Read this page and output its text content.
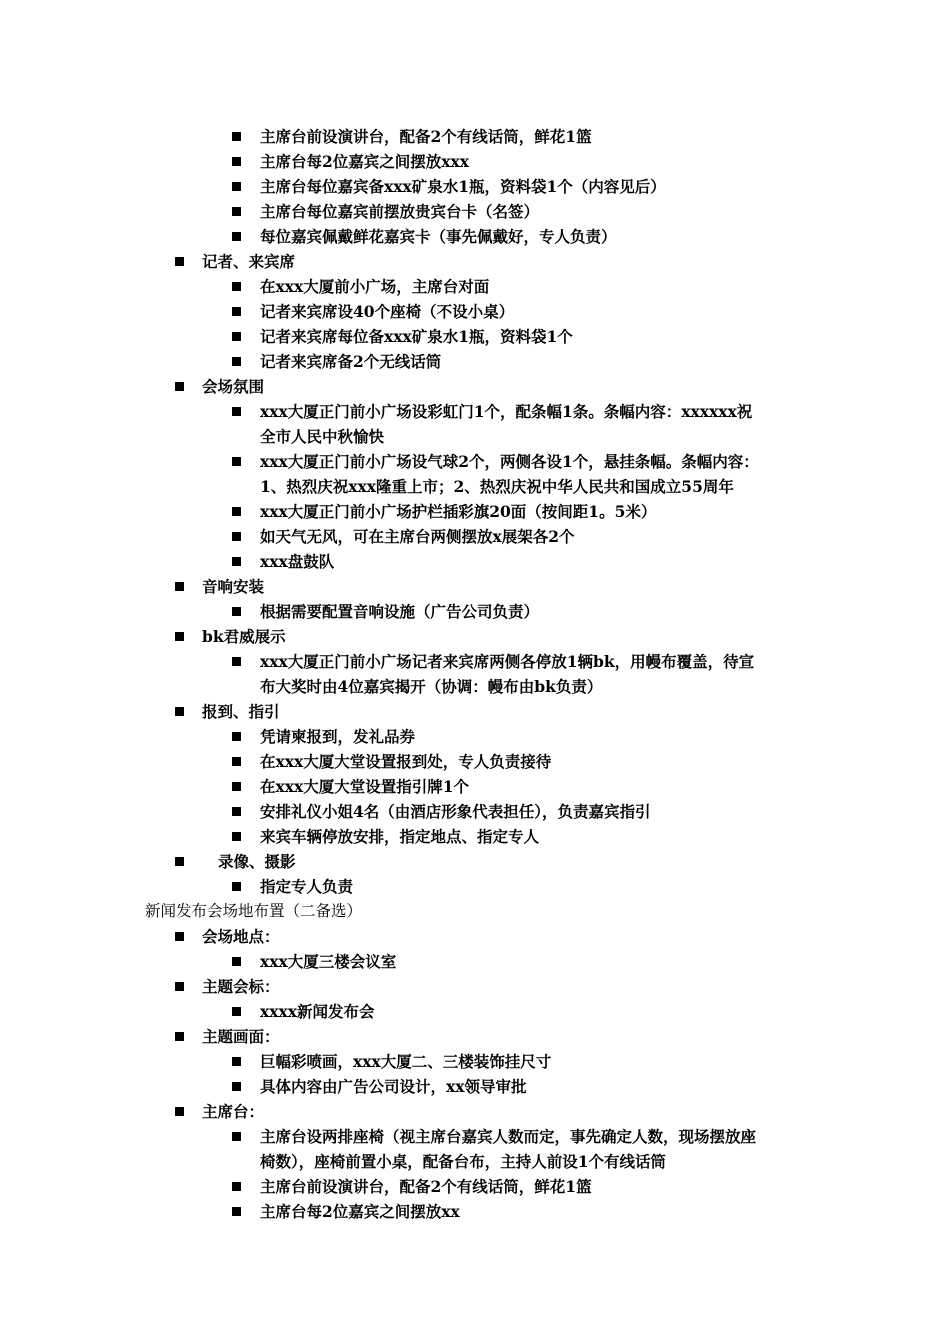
主席台前设演讲台，配备2个有线话筒，鲜花1篮
主席台每2位嘉宾之间摆放xxx
主席台每位嘉宾备xxx矿泉水1瓶，资料袋1个（内容见后）
主席台每位嘉宾前摆放贵宾台卡（名签）
每位嘉宾佩戴鲜花嘉宾卡（事先佩戴好，专人负责）
记者、来宾席
在xxx大厦前小广场，主席台对面
记者来宾席设40个座椅（不设小桌）
记者来宾席每位备xxx矿泉水1瓶，资料袋1个
记者来宾席备2个无线话筒
会场氛围
xxx大厦正门前小广场设彩虹门1个，配条幅1条。条幅内容：xxxxxx祝
全市人民中秋愉快
xxx大厦正门前小广场设气球2个，两侧各设1个，悬挂条幅。条幅内容：
1、热烈庆祝xxx隆重上市；2、热烈庆祝中华人民共和国成立55周年
xxx大厦正门前小广场护栏插彩旗20面（按间距1。5米）
如天气无风，可在主席台两侧摆放x展架各2个
xxx盘鼓队
音响安装
根据需要配置音响设施（广告公司负责）
bk君威展示
xxx大厦正门前小广场记者来宾席两侧各停放1辆bk，用幔布覆盖，待宣
布大奖时由4位嘉宾揭开（协调：幔布由bk负责）
报到、指引
凭请柬报到，发礼品券
在xxx大厦大堂设置报到处，专人负责接待
在xxx大厦大堂设置指引牌1个
安排礼仪小姐4名（由酒店形象代表担任），负责嘉宾指引
来宾车辆停放安排，指定地点、指定专人
录像、摄影
指定专人负责
新闻发布会场地布置（二备选）
会场地点：
xxx大厦三楼会议室
主题会标：
xxxx新闻发布会
主题画面：
巨幅彩喷画，xxx大厦二、三楼装饰挂尺寸
具体内容由广告公司设计，xx领导审批
主席台：
主席台设两排座椅（视主席台嘉宾人数而定，事先确定人数，现场摆放座
椅数），座椅前置小桌，配备台布，主持人前设1个有线话筒
主席台前设演讲台，配备2个有线话筒，鲜花1篮
主席台每2位嘉宾之间摆放xx
